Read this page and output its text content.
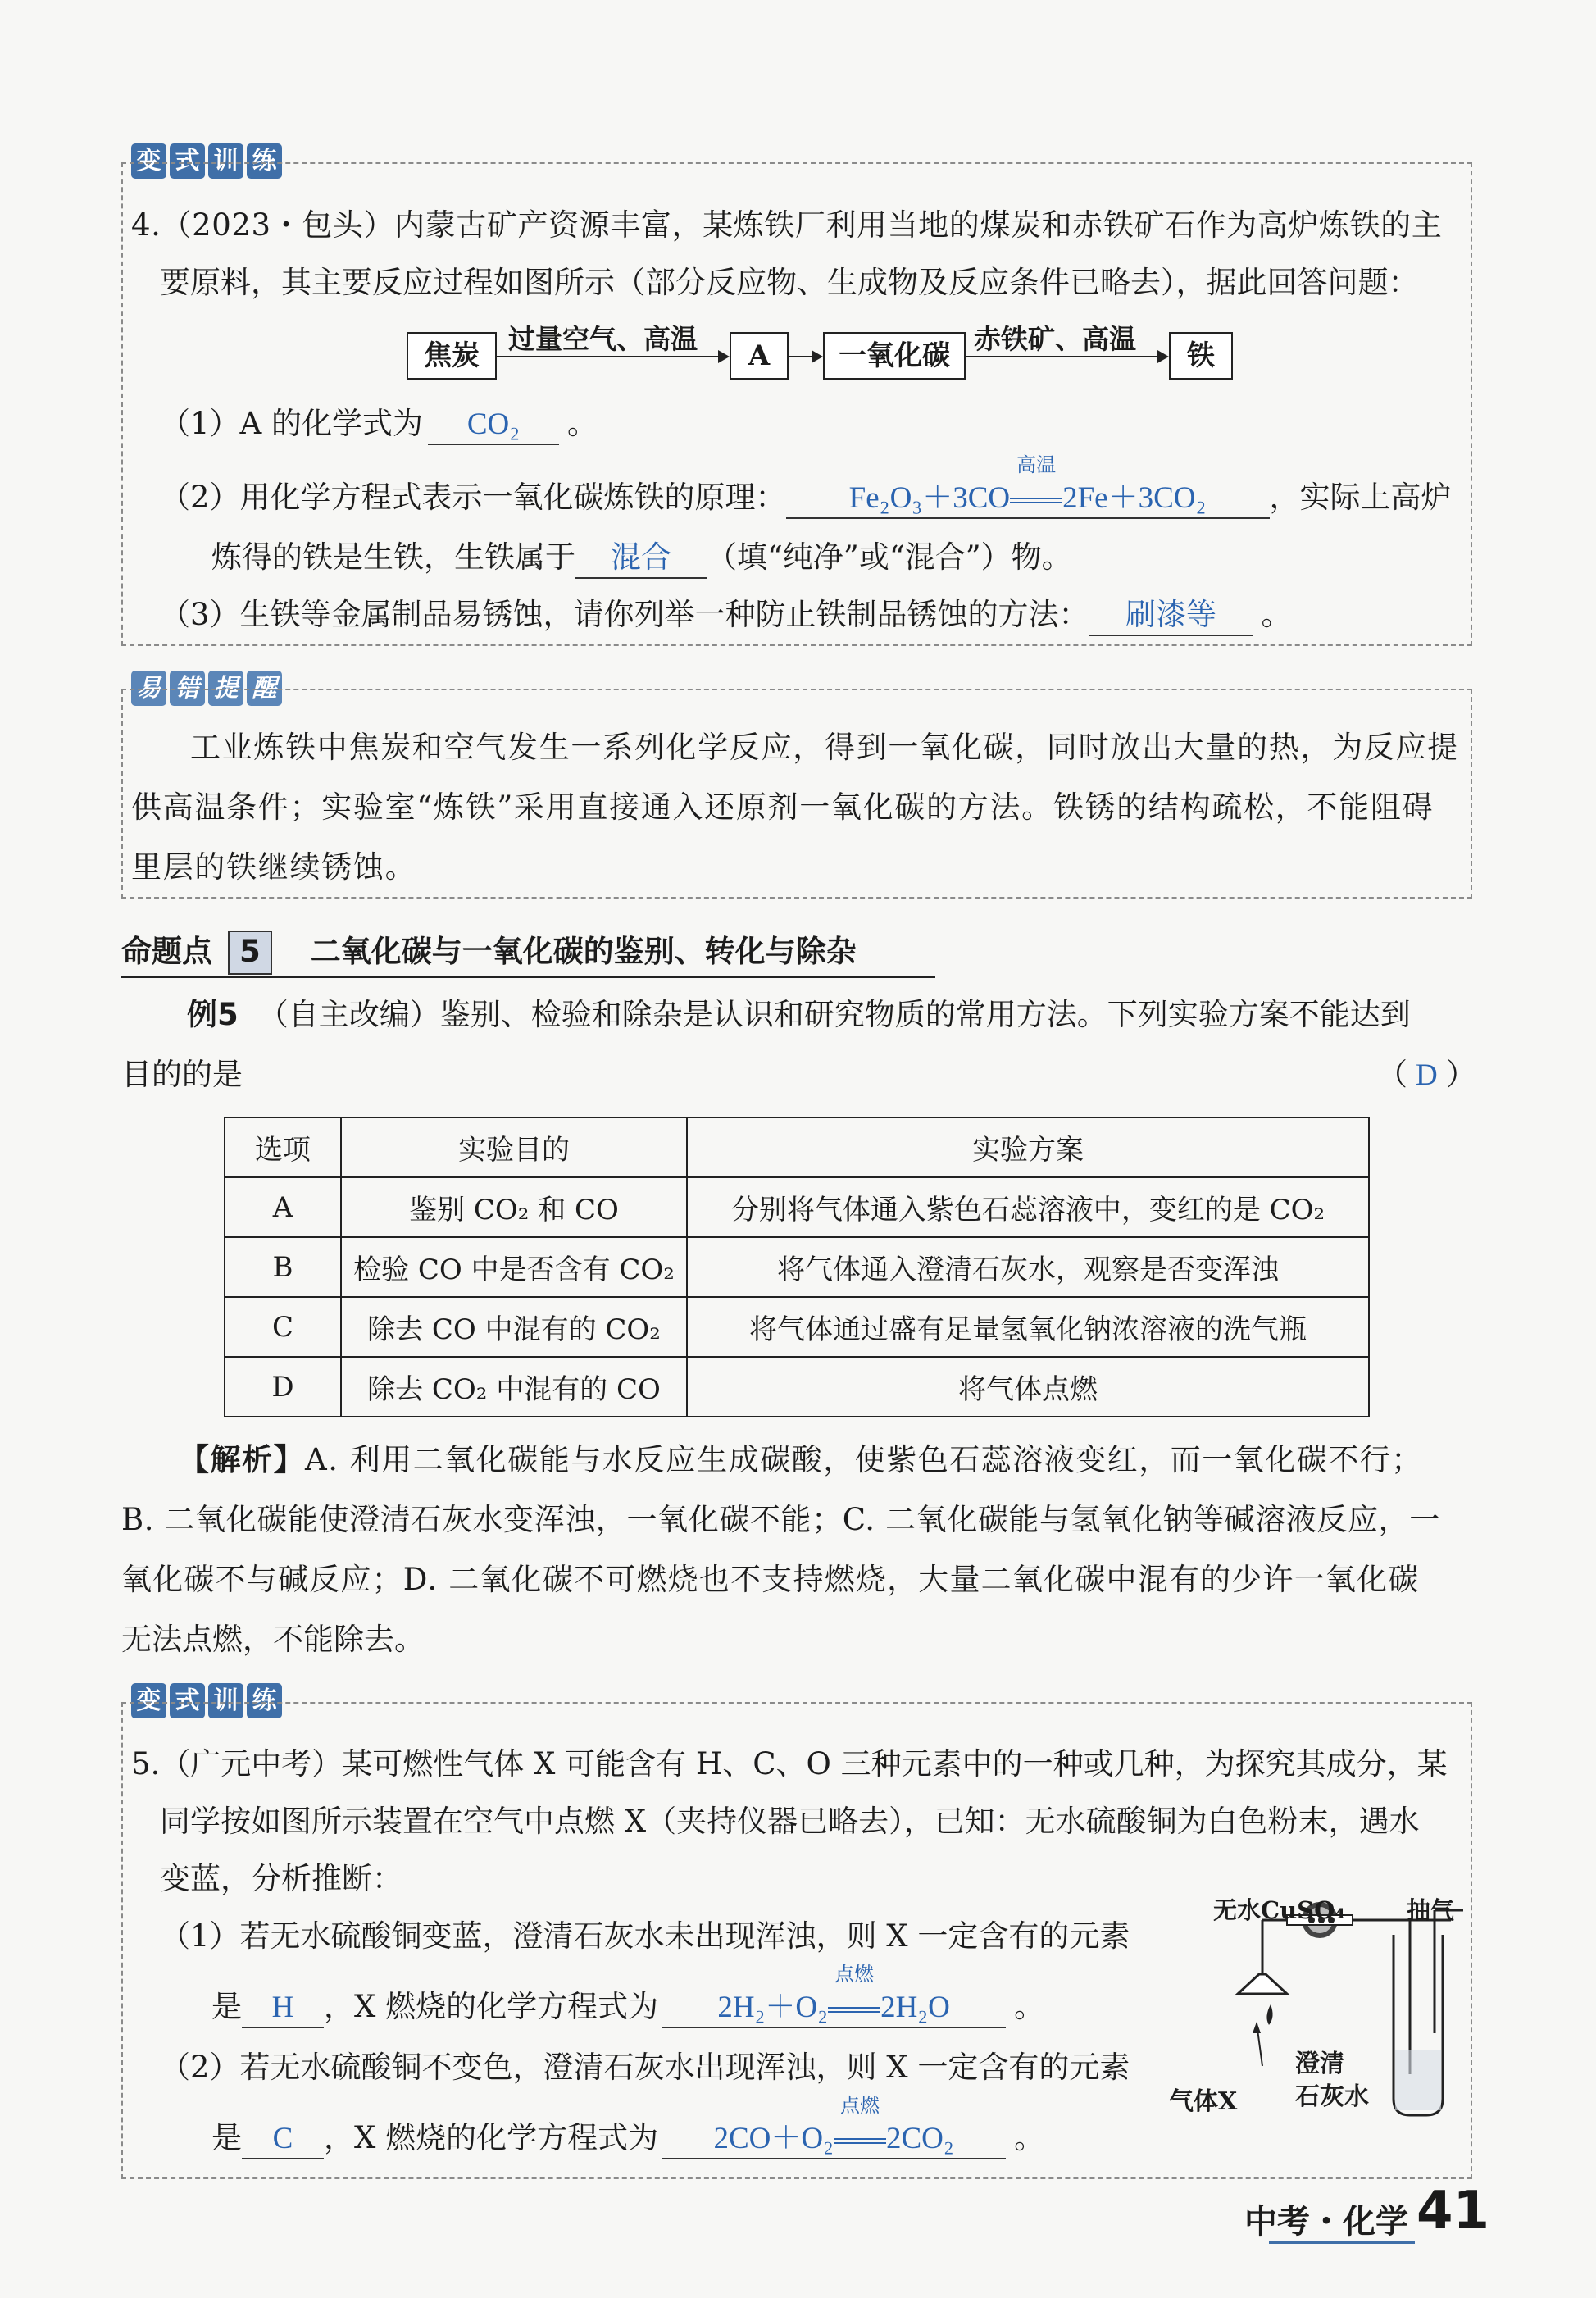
变 式 训 练
4.（2023・包头）内蒙古矿产资源丰富，某炼铁厂利用当地的煤炭和赤铁矿石作为高炉炼铁的主
要原料，其主要反应过程如图所示（部分反应物、生成物及反应条件已略去），据此回答问题：
焦炭
过量空气、高温
A	一氧化碳
赤铁矿、高温
铁
（1）A 的化学式为 CO₂ 。
（2）用化学方程式表示一氧化碳炼铁的原理： Fe₂O₃＋3CO
高温
2Fe＋3CO₂ ，实际上高炉
炼得的铁是生铁，生铁属于 混合 （填“纯净”或“混合”）物。
（3）生铁等金属制品易锈蚀，请你列举一种防止铁制品锈蚀的方法： 刷漆等 。
易 错 提 醒
工业炼铁中焦炭和空气发生一系列化学反应，得到一氧化碳，同时放出大量的热，为反应提
供高温条件；实验室“炼铁”采用直接通入还原剂一氧化碳的方法。铁锈的结构疏松，不能阻碍
里层的铁继续锈蚀。
命题点 5 二氧化碳与一氧化碳的鉴别、转化与除杂
例5 （自主改编）鉴别、检验和除杂是认识和研究物质的常用方法。下列实验方案不能达到
目的的是	（ D ）
选项	实验目的	实验方案
A	鉴别 CO₂ 和 CO	分别将气体通入紫色石蕊溶液中，变红的是 CO₂
B	检验 CO 中是否含有 CO₂	将气体通入澄清石灰水，观察是否变浑浊
C	除去 CO 中混有的 CO₂	将气体通过盛有足量氢氧化钠浓溶液的洗气瓶
D	除去 CO₂ 中混有的 CO	将气体点燃
【解析】A. 利用二氧化碳能与水反应生成碳酸，使紫色石蕊溶液变红，而一氧化碳不行；
B. 二氧化碳能使澄清石灰水变浑浊，一氧化碳不能；C. 二氧化碳能与氢氧化钠等碱溶液反应，一
氧化碳不与碱反应；D. 二氧化碳不可燃烧也不支持燃烧，大量二氧化碳中混有的少许一氧化碳
无法点燃，不能除去。
变 式 训 练
5.（广元中考）某可燃性气体 X 可能含有 H、C、O 三种元素中的一种或几种，为探究其成分，某
同学按如图所示装置在空气中点燃 X（夹持仪器已略去），已知：无水硫酸铜为白色粉末，遇水
变蓝，分析推断：
（1）若无水硫酸铜变蓝，澄清石灰水未出现浑浊，则 X 一定含有的元素
是 H ，X 燃烧的化学方程式为 2H₂＋O₂
点燃
2H₂O 。
（2）若无水硫酸铜不变色，澄清石灰水出现浑浊，则 X 一定含有的元素
是 C ，X 燃烧的化学方程式为 2CO＋O₂
点燃
2CO₂ 。
无水CuSO₄	抽气
气体X
澄清
石灰水
中考・化学 41
